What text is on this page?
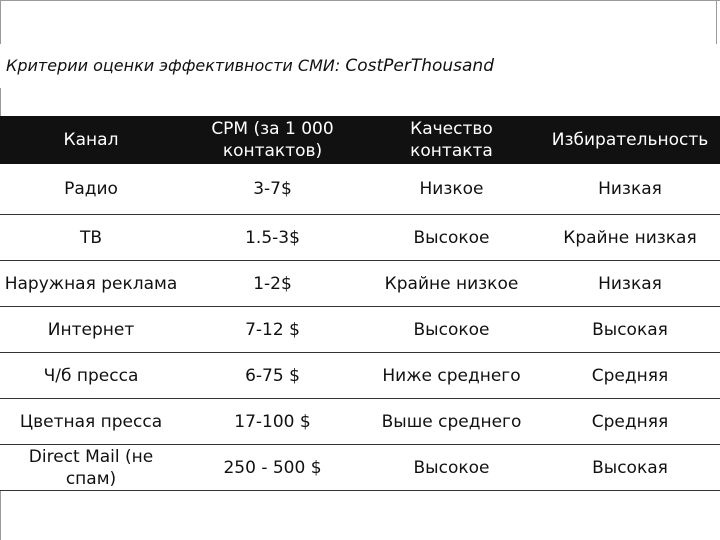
Критерии оценки эффективности СМИ: CostPerThousand
Канал	CPM (за 1 000 контактов)	Качество контакта	Избирательность
Радио	3-7$	Низкое	Низкая
ТВ	1.5-3$	Высокое	Крайне низкая
Наружная реклама	1-2$	Крайне низкое	Низкая
Интернет	7-12 $	Высокое	Высокая
Ч/б пресса	6-75 $	Ниже среднего	Средняя
Цветная пресса	17-100 $	Выше среднего	Средняя
Direct Mail (не спам)	250 - 500 $	Высокое	Высокая
